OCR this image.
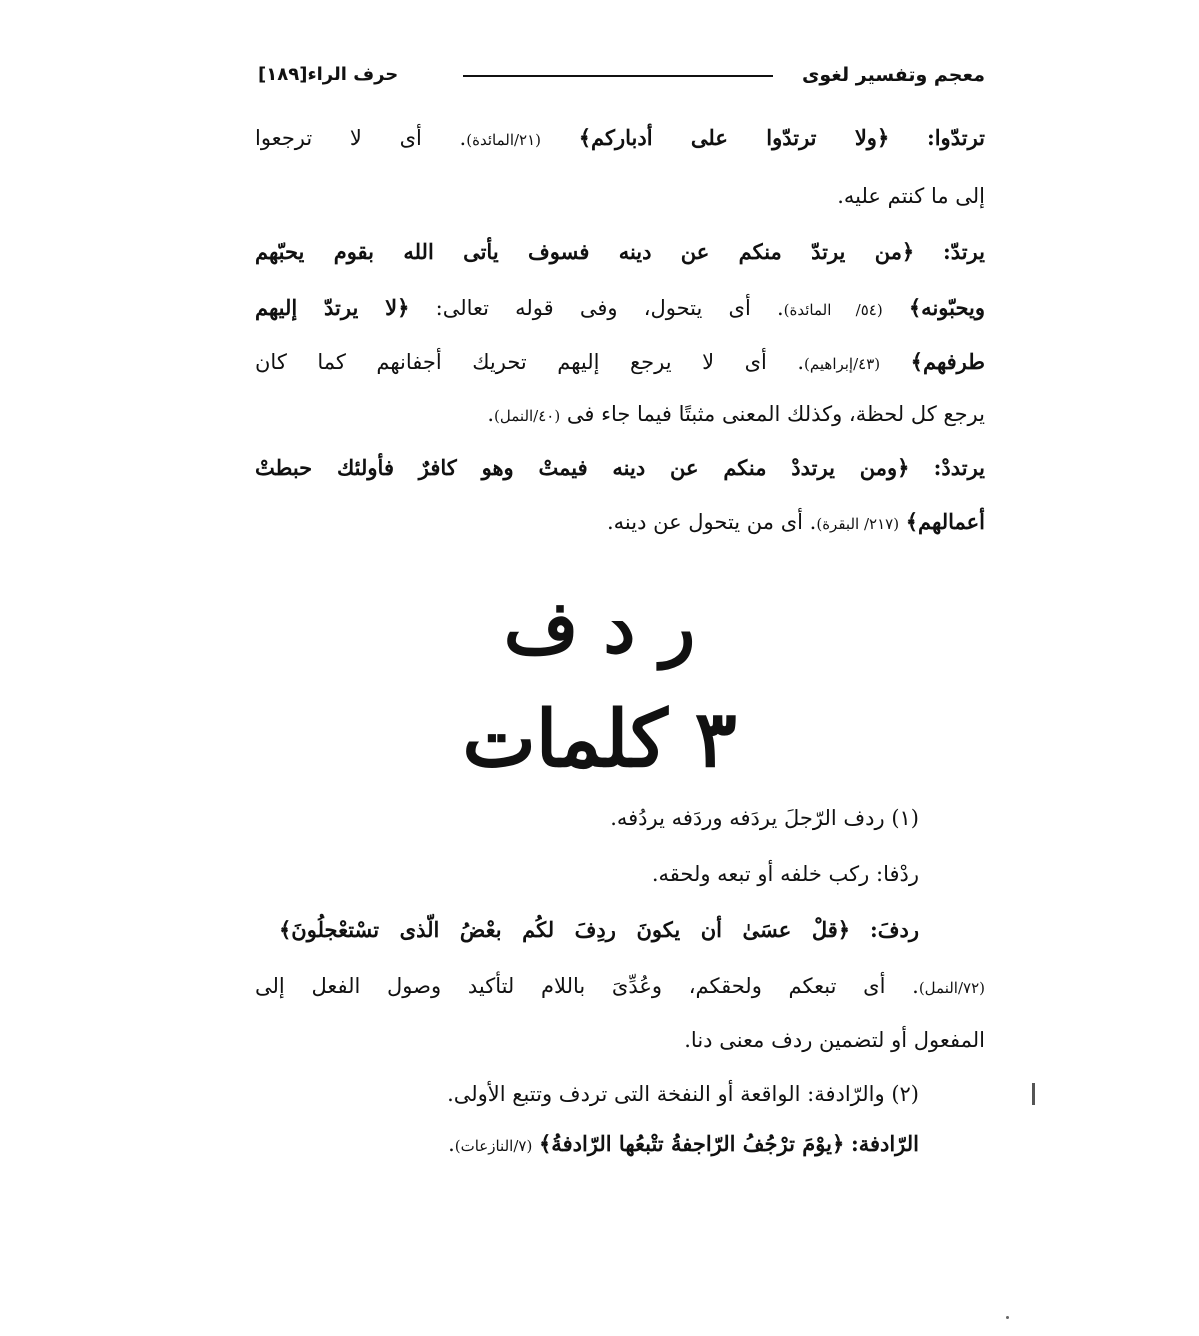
معجم وتفسير لغوى
حرف الراء[١٨٩]
ترتدّوا: ﴿ولا ترتدّوا على أدباركم﴾ (٢١/المائدة). أى لا ترجعوا
إلى ما كنتم عليه.
يرتدّ: ﴿من يرتدّ منكم عن دينه فسوف يأتى الله بقوم يحبّهم
ويحبّونه﴾ (٥٤/ المائدة). أى يتحول، وفى قوله تعالى: ﴿لا يرتدّ إليهم
طرفهم﴾ (٤٣/إبراهيم). أى لا يرجع إليهم تحريك أجفانهم كما كان
يرجع كل لحظة، وكذلك المعنى مثبتًا فيما جاء فى (٤٠/النمل).
يرتددْ: ﴿ومن يرتددْ منكم عن دينه فيمتْ وهو كافرٌ فأولئك حبطتْ
أعمالهم﴾ (٢١٧/ البقرة). أى من يتحول عن دينه.
ر د ف
٣ كلمات
(١) ردف الرّجلَ يردَفه وردَفه يردُفه.
ردْفا: ركب خلفه أو تبعه ولحقه.
ردفَ: ﴿قلْ عسَىٰ أن يكونَ ردِفَ لكُم بعْضُ الّذى تسْتعْجلُونَ﴾
(٧٢/النمل). أى تبعكم ولحقكم، وعُدِّىَ باللام لتأكيد وصول الفعل إلى
المفعول أو لتضمين ردف معنى دنا.
(٢) والرّادفة: الواقعة أو النفخة التى تردف وتتبع الأولى.
الرّادفة: ﴿يوْمَ ترْجُفُ الرّاجفةُ تتْبعُها الرّادفةُ﴾ (٧/النازعات).
